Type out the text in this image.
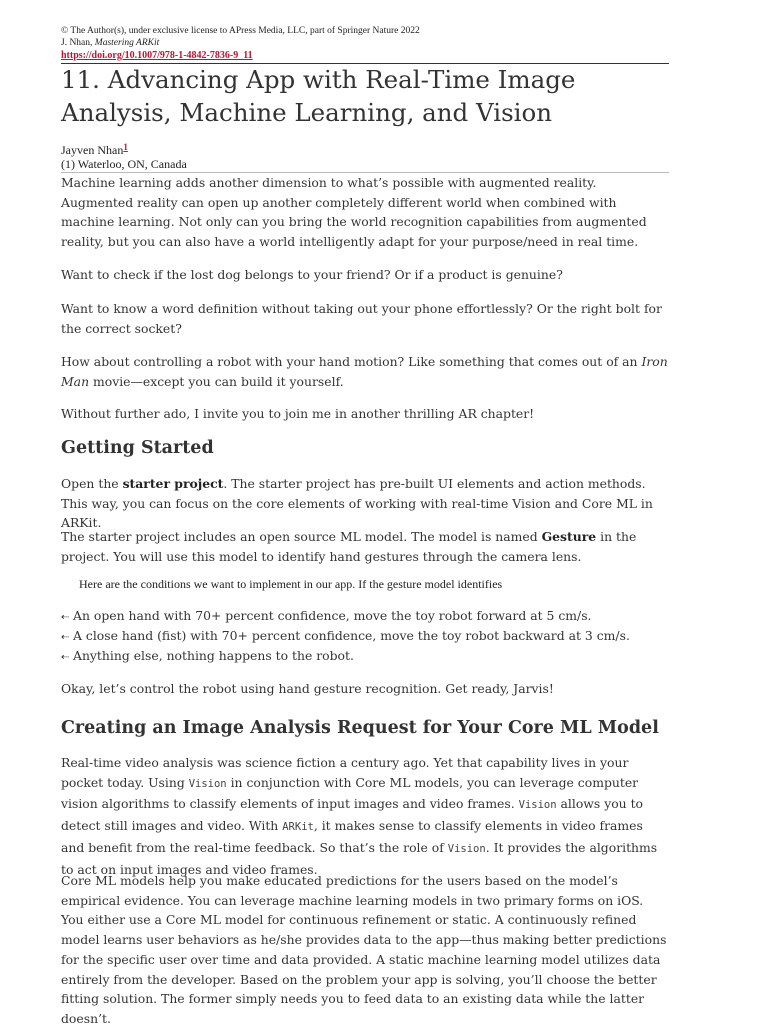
© The Author(s), under exclusive license to APress Media, LLC, part of Springer Nature 2022
J. Nhan, Mastering ARKit
https://doi.org/10.1007/978-1-4842-7836-9_11
11. Advancing App with Real-Time Image Analysis, Machine Learning, and Vision
Jayven Nhan$^1$
(1) Waterloo, ON, Canada

Machine learning adds another dimension to what’s possible with augmented reality. Augmented reality can open up another completely different world when combined with machine learning. Not only can you bring the world recognition capabilities from augmented reality, but you can also have a world intelligently adapt for your purpose/need in real time.

Want to check if the lost dog belongs to your friend? Or if a product is genuine?

Want to know a word definition without taking out your phone effortlessly? Or the right bolt for the correct socket?

How about controlling a robot with your hand motion? Like something that comes out of an Iron Man movie—except you can build it yourself.

Without further ado, I invite you to join me in another thrilling AR chapter!

Getting Started

Open the starter project. The starter project has pre-built UI elements and action methods. This way, you can focus on the core elements of working with real-time Vision and Core ML in ARKit.

The starter project includes an open source ML model. The model is named Gesture in the project. You will use this model to identify hand gestures through the camera lens.

Here are the conditions we want to implement in our app. If the gesture model identifies

⇠ An open hand with 70+ percent confidence, move the toy robot forward at 5 cm/s.

⇠ A close hand (fist) with 70+ percent confidence, move the toy robot backward at 3 cm/s.

⇠ Anything else, nothing happens to the robot.

Okay, let’s control the robot using hand gesture recognition. Get ready, Jarvis!

Creating an Image Analysis Request for Your Core ML Model

Real-time video analysis was science fiction a century ago. Yet that capability lives in your pocket today. Using Vision in conjunction with Core ML models, you can leverage computer vision algorithms to classify elements of input images and video frames. Vision allows you to detect still images and video. With ARKit, it makes sense to classify elements in video frames and benefit from the real-time feedback. So that’s the role of Vision. It provides the algorithms to act on input images and video frames.

Core ML models help you make educated predictions for the users based on the model’s empirical evidence. You can leverage machine learning models in two primary forms on iOS. You either use a Core ML model for continuous refinement or static. A continuously refined model learns user behaviors as he/she provides data to the app—thus making better predictions for the specific user over time and data provided. A static machine learning model utilizes data entirely from the developer. Based on the problem your app is solving, you’ll choose the better fitting solution. The former simply needs you to feed data to an existing data while the latter doesn’t.
